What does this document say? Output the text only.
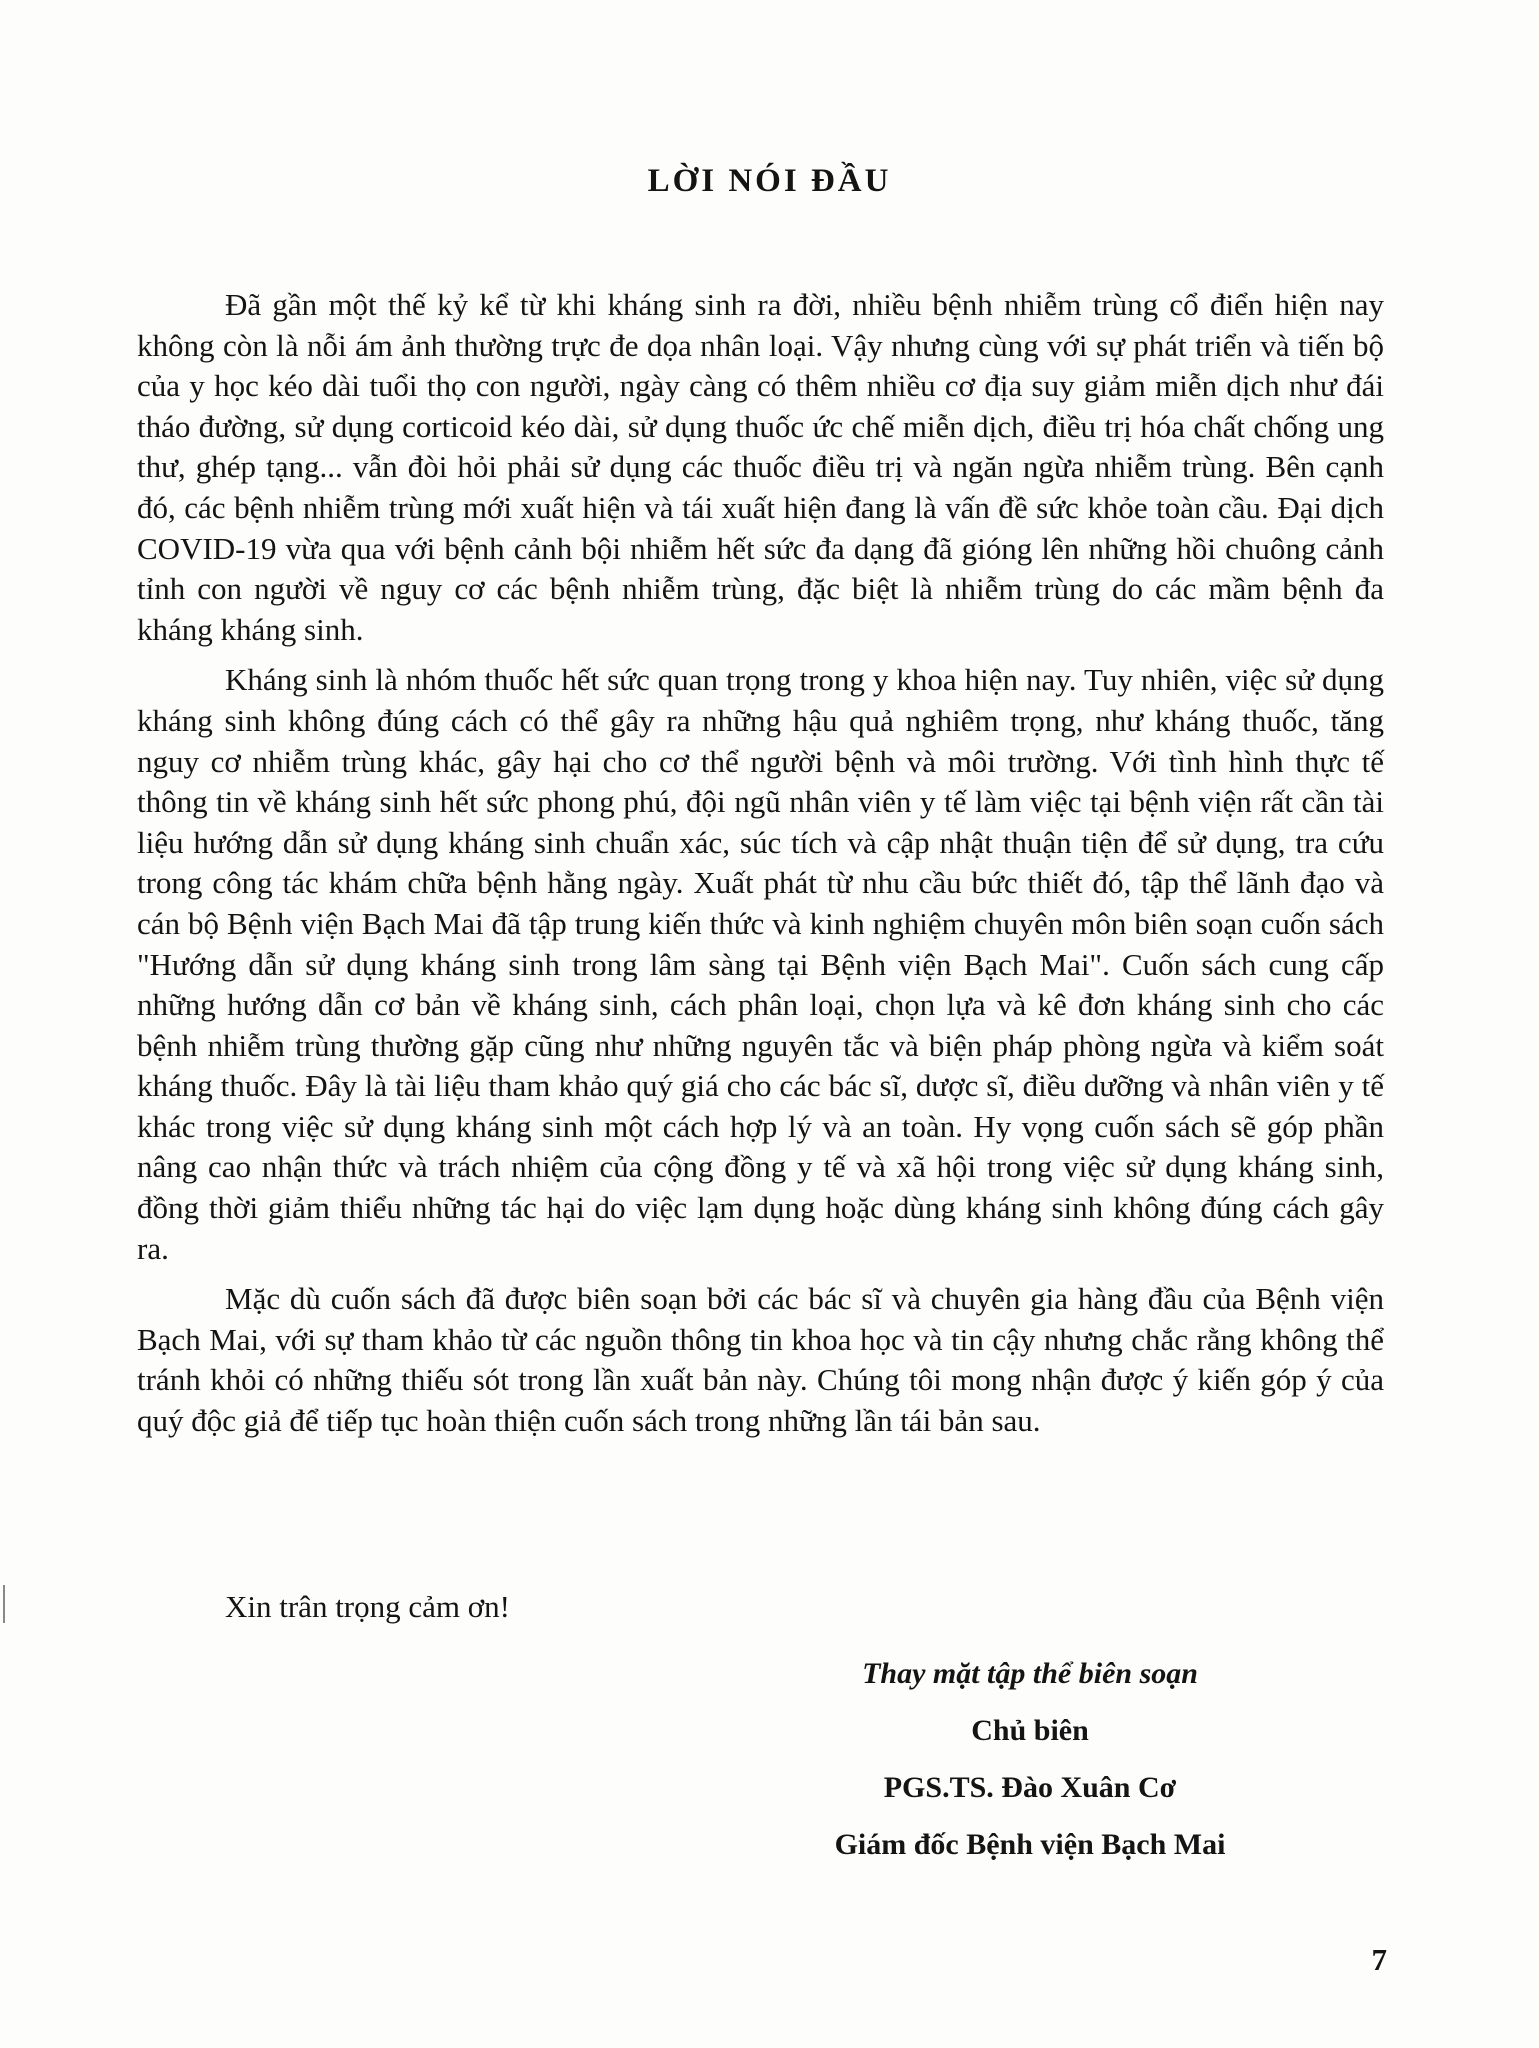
LỜI NÓI ĐẦU

Đã gần một thế kỷ kể từ khi kháng sinh ra đời, nhiều bệnh nhiễm trùng cổ điển hiện nay không còn là nỗi ám ảnh thường trực đe dọa nhân loại. Vậy nhưng cùng với sự phát triển và tiến bộ của y học kéo dài tuổi thọ con người, ngày càng có thêm nhiều cơ địa suy giảm miễn dịch như đái tháo đường, sử dụng corticoid kéo dài, sử dụng thuốc ức chế miễn dịch, điều trị hóa chất chống ung thư, ghép tạng... vẫn đòi hỏi phải sử dụng các thuốc điều trị và ngăn ngừa nhiễm trùng. Bên cạnh đó, các bệnh nhiễm trùng mới xuất hiện và tái xuất hiện đang là vấn đề sức khỏe toàn cầu. Đại dịch COVID-19 vừa qua với bệnh cảnh bội nhiễm hết sức đa dạng đã gióng lên những hồi chuông cảnh tỉnh con người về nguy cơ các bệnh nhiễm trùng, đặc biệt là nhiễm trùng do các mầm bệnh đa kháng kháng sinh.

Kháng sinh là nhóm thuốc hết sức quan trọng trong y khoa hiện nay. Tuy nhiên, việc sử dụng kháng sinh không đúng cách có thể gây ra những hậu quả nghiêm trọng, như kháng thuốc, tăng nguy cơ nhiễm trùng khác, gây hại cho cơ thể người bệnh và môi trường. Với tình hình thực tế thông tin về kháng sinh hết sức phong phú, đội ngũ nhân viên y tế làm việc tại bệnh viện rất cần tài liệu hướng dẫn sử dụng kháng sinh chuẩn xác, súc tích và cập nhật thuận tiện để sử dụng, tra cứu trong công tác khám chữa bệnh hằng ngày. Xuất phát từ nhu cầu bức thiết đó, tập thể lãnh đạo và cán bộ Bệnh viện Bạch Mai đã tập trung kiến thức và kinh nghiệm chuyên môn biên soạn cuốn sách "Hướng dẫn sử dụng kháng sinh trong lâm sàng tại Bệnh viện Bạch Mai". Cuốn sách cung cấp những hướng dẫn cơ bản về kháng sinh, cách phân loại, chọn lựa và kê đơn kháng sinh cho các bệnh nhiễm trùng thường gặp cũng như những nguyên tắc và biện pháp phòng ngừa và kiểm soát kháng thuốc. Đây là tài liệu tham khảo quý giá cho các bác sĩ, dược sĩ, điều dưỡng và nhân viên y tế khác trong việc sử dụng kháng sinh một cách hợp lý và an toàn. Hy vọng cuốn sách sẽ góp phần nâng cao nhận thức và trách nhiệm của cộng đồng y tế và xã hội trong việc sử dụng kháng sinh, đồng thời giảm thiểu những tác hại do việc lạm dụng hoặc dùng kháng sinh không đúng cách gây ra.

Mặc dù cuốn sách đã được biên soạn bởi các bác sĩ và chuyên gia hàng đầu của Bệnh viện Bạch Mai, với sự tham khảo từ các nguồn thông tin khoa học và tin cậy nhưng chắc rằng không thể tránh khỏi có những thiếu sót trong lần xuất bản này. Chúng tôi mong nhận được ý kiến góp ý của quý độc giả để tiếp tục hoàn thiện cuốn sách trong những lần tái bản sau.

Xin trân trọng cảm ơn!
Thay mặt tập thể biên soạn
Chủ biên
PGS.TS. Đào Xuân Cơ
Giám đốc Bệnh viện Bạch Mai
7
